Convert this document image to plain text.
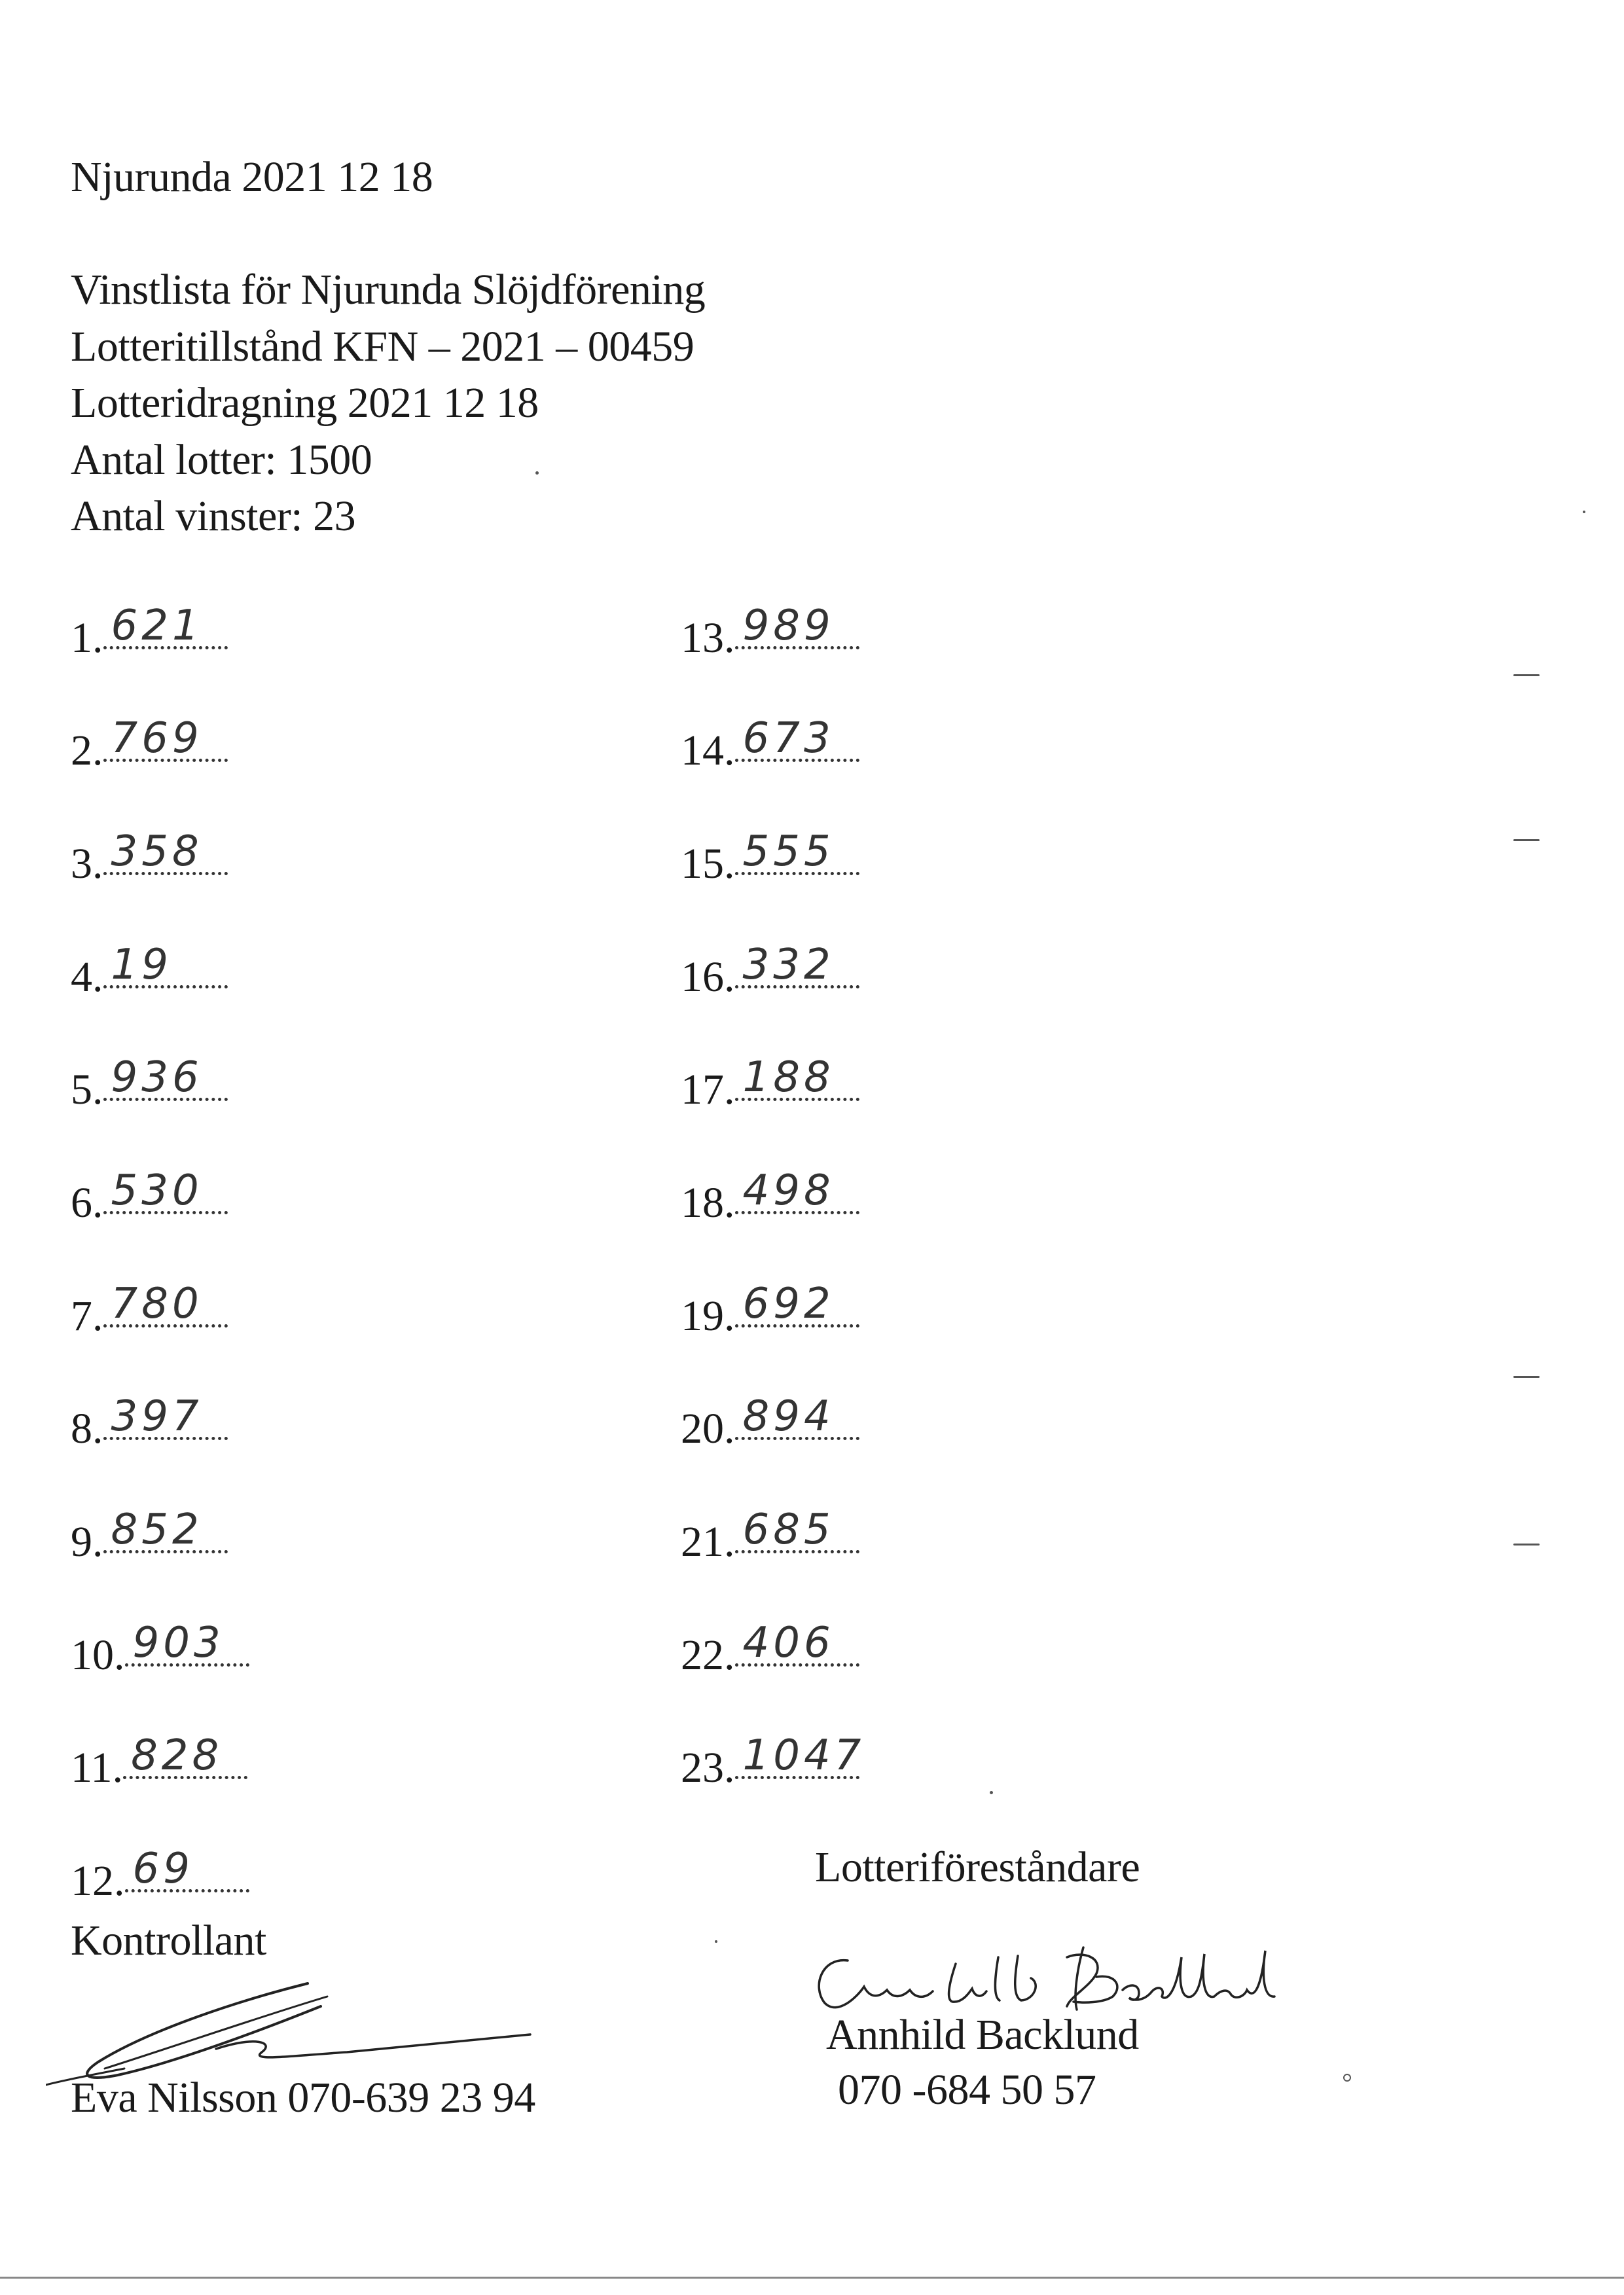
Njurunda 2021 12 18
Vinstlista för Njurunda Slöjdförening
Lotteritillstånd KFN – 2021 – 00459
Lotteridragning 2021 12 18
Antal lotter: 1500
Antal vinster: 23
1. 621
2. 769
3. 358
4. 19
5. 936
6. 530
7. 780
8. 397
9. 852
10. 903
11. 828
12. 69
13. 989
14. 673
15. 555
16. 332
17. 188
18. 498
19. 692
20. 894
21. 685
22. 406
23. 1047
Kontrollant
Eva Nilsson 070-639 23 94
Lotteriföreståndare
Annhild Backlund
070 -684 50 57
